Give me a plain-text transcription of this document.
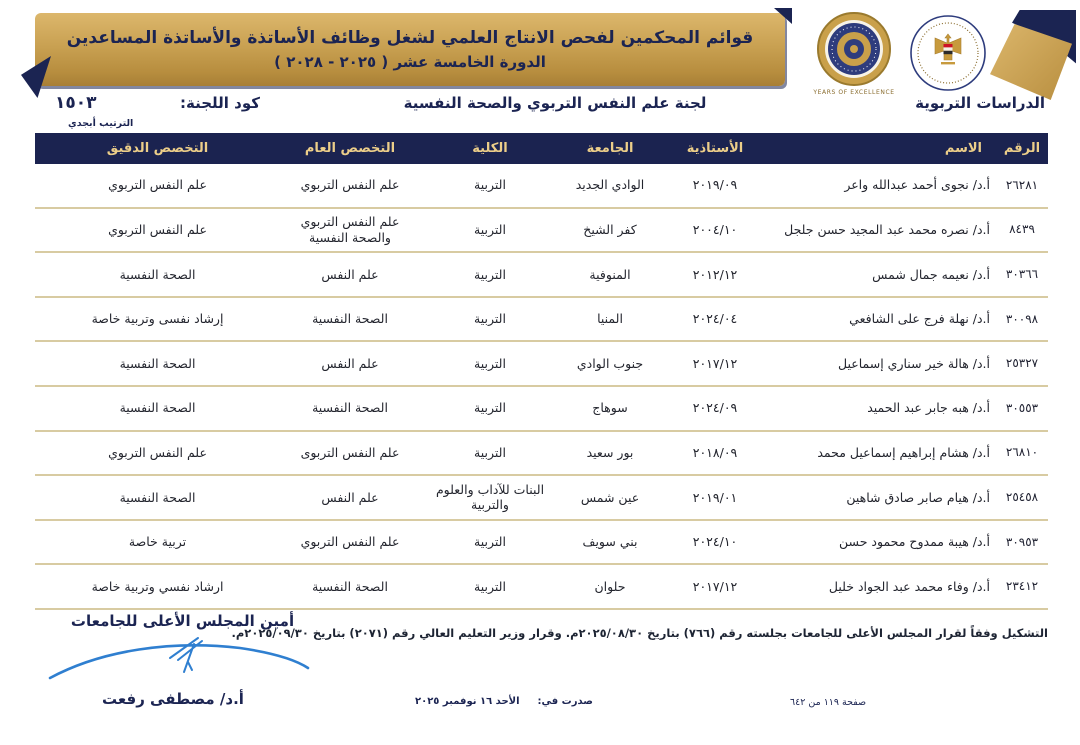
قوائم المحكمين لفحص الانتاج العلمي لشغل وظائف الأساتذة والأساتذة المساعدين
الدورة الخامسة عشر ( ٢٠٢٥ - ٢٠٢٨ )
YEARS OF EXCELLENCE
الدراسات التربوية
لجنة علم النفس التربوي والصحة النفسية
كود اللجنة:
١٥٠٣
الترتيب أبجدي
الرقم
الاسم
الأستاذية
الجامعة
الكلية
التخصص العام
التخصص الدقيق
٢٦٢٨١
أ.د/ نجوى أحمد عبدالله واعر
٢٠١٩/٠٩
الوادي الجديد
التربية
علم النفس التربوي
علم النفس التربوي
٨٤٣٩
أ.د/ نصره محمد عبد المجيد حسن جلجل
٢٠٠٤/١٠
كفر الشيخ
التربية
علم النفس التربوي والصحة النفسية
علم النفس التربوي
٣٠٣٦٦
أ.د/ نعيمه جمال شمس
٢٠١٢/١٢
المنوفية
التربية
علم النفس
الصحة النفسية
٣٠٠٩٨
أ.د/ نهلة فرج على الشافعي
٢٠٢٤/٠٤
المنيا
التربية
الصحة النفسية
إرشاد نفسى وتربية خاصة
٢٥٣٢٧
أ.د/ هالة خير سناري إسماعيل
٢٠١٧/١٢
جنوب الوادي
التربية
علم النفس
الصحة النفسية
٣٠٥٥٣
أ.د/ هبه جابر عبد الحميد
٢٠٢٤/٠٩
سوهاج
التربية
الصحة النفسية
الصحة النفسية
٢٦٨١٠
أ.د/ هشام إبراهيم إسماعيل محمد
٢٠١٨/٠٩
بور سعيد
التربية
علم النفس التربوى
علم النفس التربوي
٢٥٤٥٨
أ.د/ هيام صابر صادق شاهين
٢٠١٩/٠١
عين شمس
البنات للآداب والعلوم والتربية
علم النفس
الصحة النفسية
٣٠٩٥٣
أ.د/ هيبة ممدوح محمود حسن
٢٠٢٤/١٠
بني سويف
التربية
علم النفس التربوي
تربية خاصة
٢٣٤١٢
أ.د/ وفاء محمد عبد الجواد خليل
٢٠١٧/١٢
حلوان
التربية
الصحة النفسية
ارشاد نفسي وتربية خاصة
التشكيل وفقاً لقرار المجلس الأعلى للجامعات بجلسته رقم (٧٦٦) بتاريخ ٢٠٢٥/٠٨/٣٠م. وقرار وزير التعليم العالي رقم (٢٠٧١) بتاريخ ٢٠٢٥/٠٩/٣٠م.
أمين المجلس الأعلى للجامعات
أ.د/ مصطفى رفعت	صدرت في:
الأحد ١٦ نوفمبر ٢٠٢٥	صفحة ١١٩ من ٦٤٢
